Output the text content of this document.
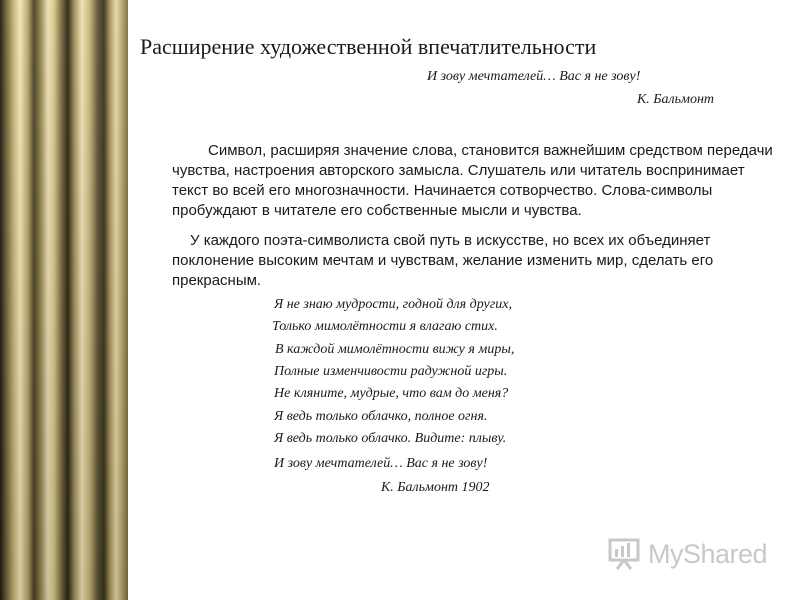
Расширение художественной впечатлительности

И зову мечтателей… Вас я не зову!

К. Бальмонт

Символ, расширяя значение слова, становится важнейшим средством передачи чувства, настроения авторского замысла. Слушатель или читатель воспринимает текст во всей его многозначности. Начинается сотворчество. Слова-символы пробуждают в читателе его собственные мысли и чувства.

У каждого поэта-символиста свой путь в искусстве, но всех их объединяет поклонение высоким мечтам и чувствам, желание изменить мир, сделать его прекрасным.

Я не знаю мудрости, годной для других,

Только мимолётности я влагаю стих.

В каждой мимолётности вижу я миры,

Полные изменчивости радужной игры.

Не кляните, мудрые, что вам до меня?

Я ведь только облачко, полное огня.

Я ведь только облачко. Видите: плыву.

И зову мечтателей… Вас я не зову!

К. Бальмонт 1902

MyShared
